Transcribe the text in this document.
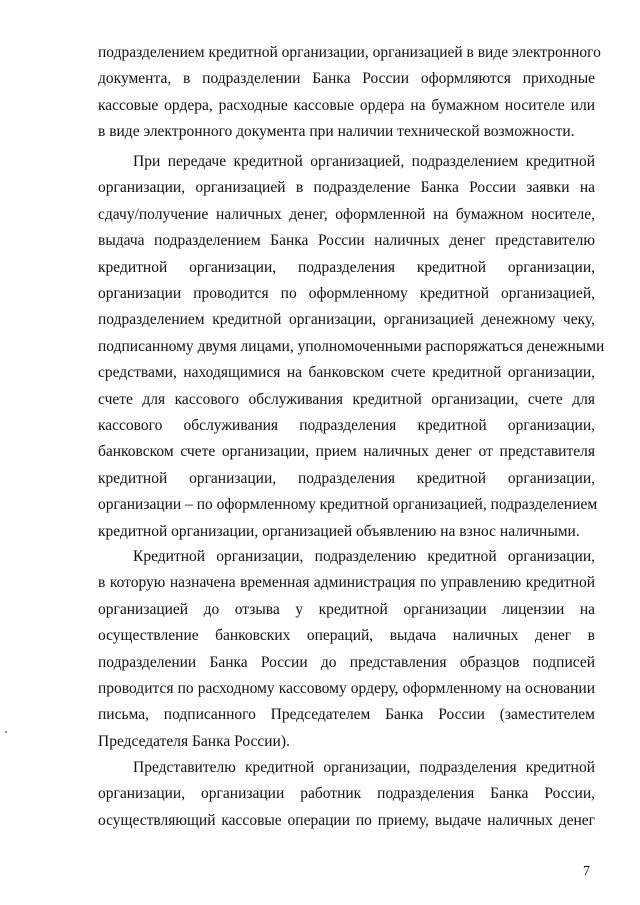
подразделением кредитной организации, организацией в виде электронного
документа, в подразделении Банка России оформляются приходные
кассовые ордера, расходные кассовые ордера на бумажном носителе или
в виде электронного документа при наличии технической возможности.
При передаче кредитной организацией, подразделением кредитной
организации, организацией в подразделение Банка России заявки на
сдачу/получение наличных денег, оформленной на бумажном носителе,
выдача подразделением Банка России наличных денег представителю
кредитной организации, подразделения кредитной организации,
организации проводится по оформленному кредитной организацией,
подразделением кредитной организации, организацией денежному чеку,
подписанному двумя лицами, уполномоченными распоряжаться денежными
средствами, находящимися на банковском счете кредитной организации,
счете для кассового обслуживания кредитной организации, счете для
кассового обслуживания подразделения кредитной организации,
банковском счете организации, прием наличных денег от представителя
кредитной организации, подразделения кредитной организации,
организации – по оформленному кредитной организацией, подразделением
кредитной организации, организацией объявлению на взнос наличными.
Кредитной организации, подразделению кредитной организации,
в которую назначена временная администрация по управлению кредитной
организацией до отзыва у кредитной организации лицензии на
осуществление банковских операций, выдача наличных денег в
подразделении Банка России до представления образцов подписей
проводится по расходному кассовому ордеру, оформленному на основании
письма, подписанного Председателем Банка России (заместителем
Председателя Банка России).
Представителю кредитной организации, подразделения кредитной
организации, организации работник подразделения Банка России,
осуществляющий кассовые операции по приему, выдаче наличных денег
7
